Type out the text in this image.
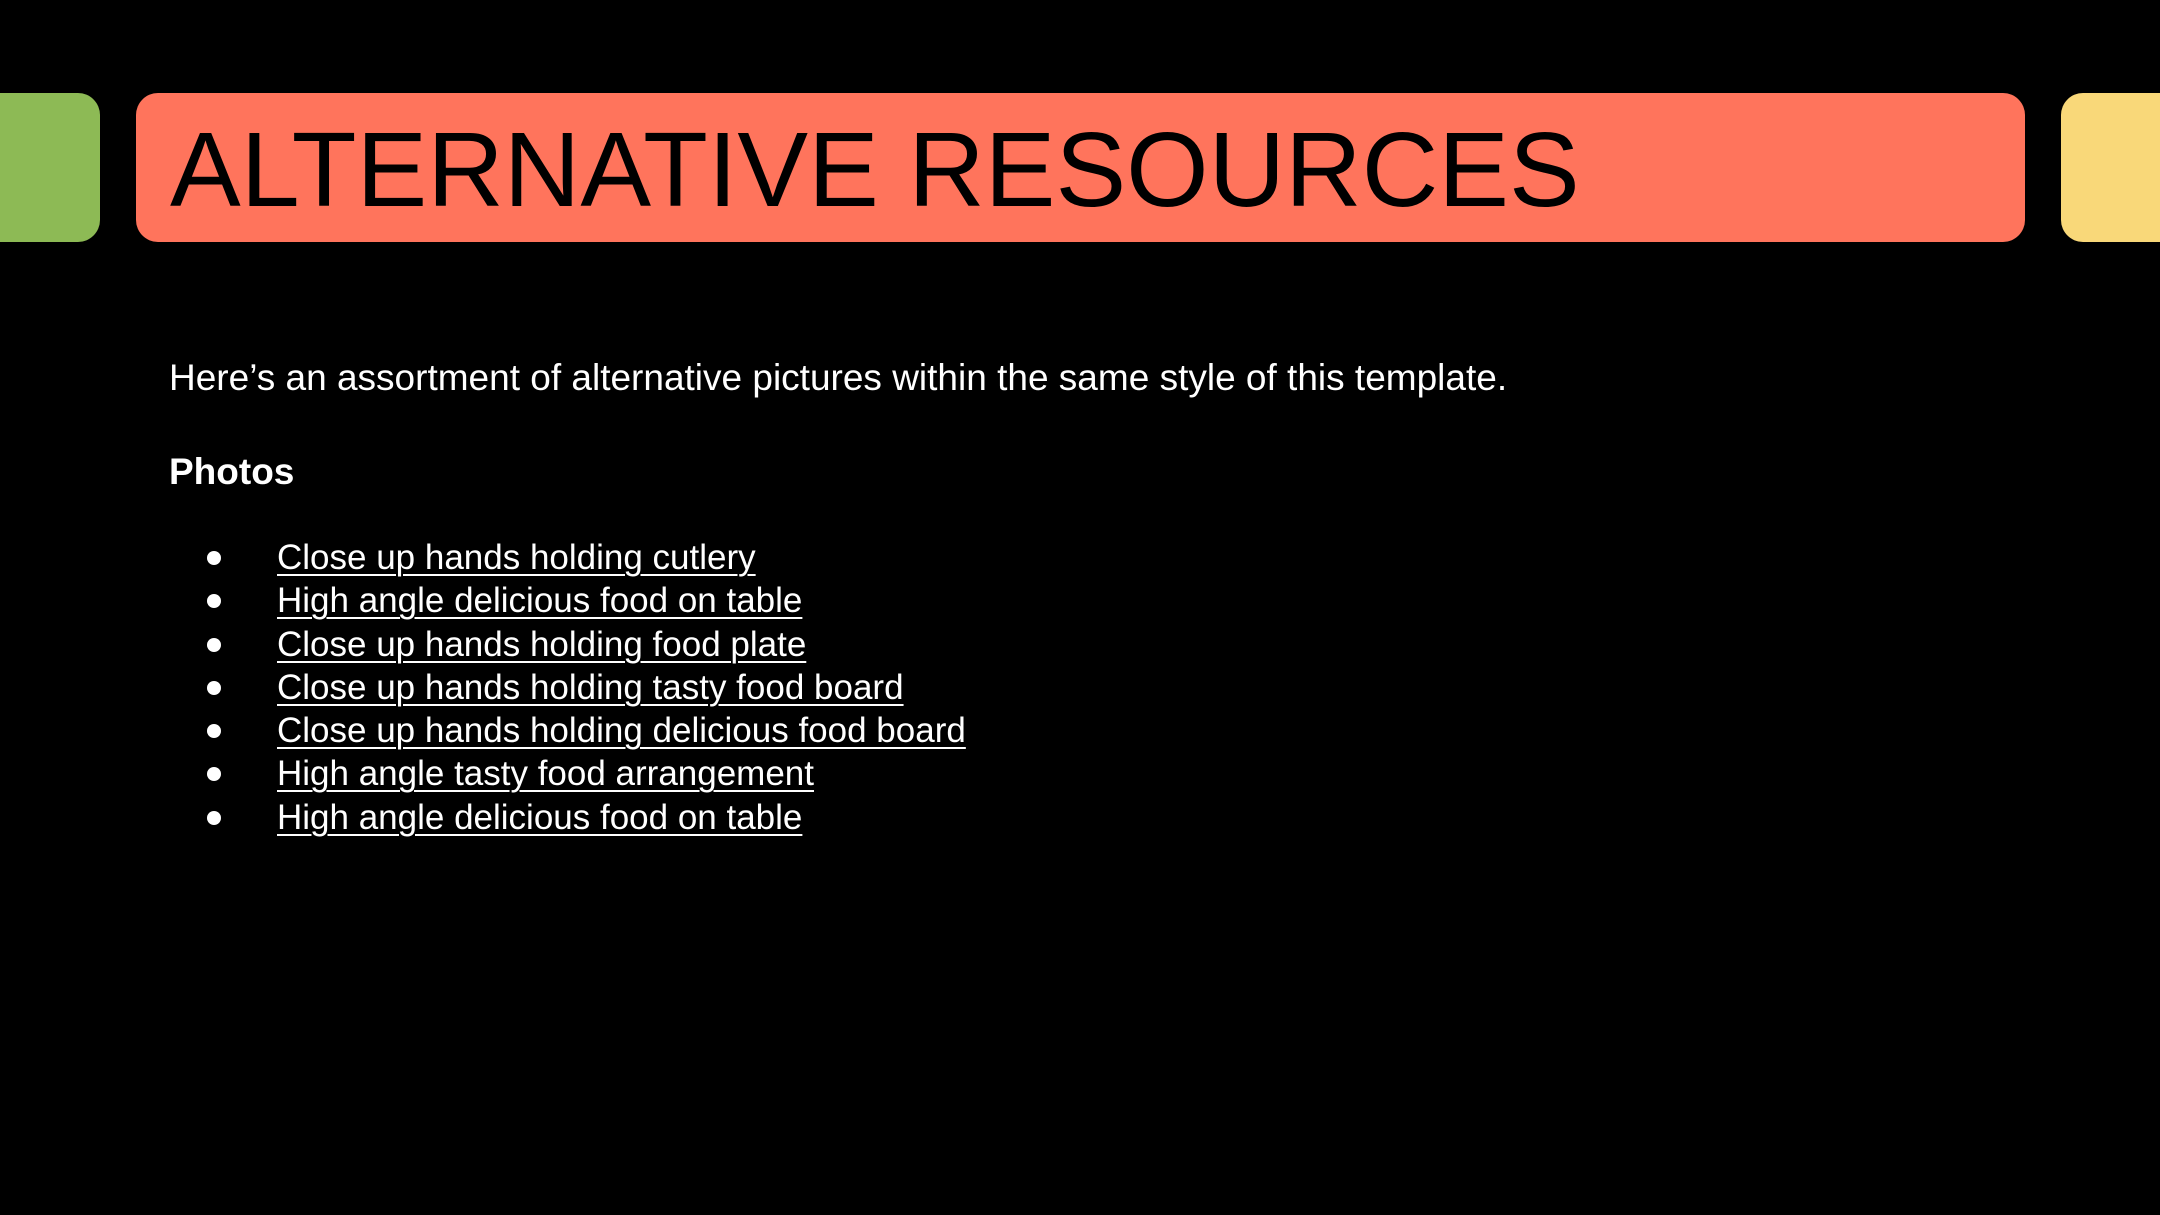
ALTERNATIVE RESOURCES

Here’s an assortment of alternative pictures within the same style of this template.

Photos

Close up hands holding cutlery
High angle delicious food on table
Close up hands holding food plate
Close up hands holding tasty food board
Close up hands holding delicious food board
High angle tasty food arrangement
High angle delicious food on table
